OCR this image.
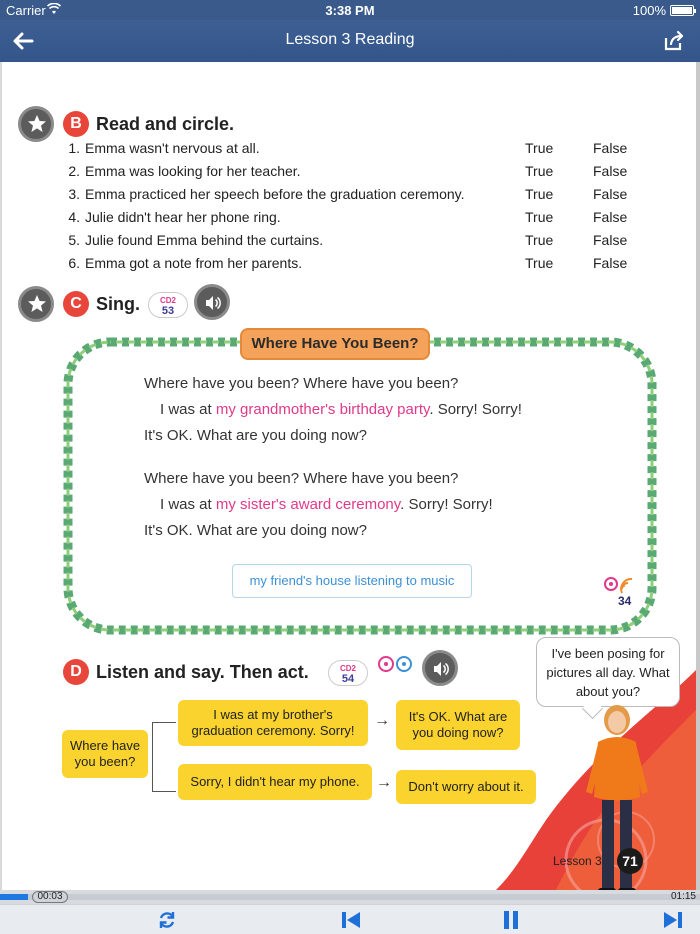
Carrier	3:38 PM	100%
Lesson 3 Reading
B Read and circle.
1. Emma wasn't nervous at all.	True	False
2. Emma was looking for her teacher.	True	False
3. Emma practiced her speech before the graduation ceremony.	True	False
4. Julie didn't hear her phone ring.	True	False
5. Julie found Emma behind the curtains.	True	False
6. Emma got a note from her parents.	True	False
C Sing.	CD2
53
Where Have You Been?
Where have you been? Where have you been?
I was at my grandmother's birthday party. Sorry! Sorry!
It's OK. What are you doing now?
Where have you been? Where have you been?
I was at my sister's award ceremony. Sorry! Sorry!
It's OK. What are you doing now?
my friend's house listening to music
34
D Listen and say. Then act.	CD2
54
Where have you been?
I was at my brother's graduation ceremony. Sorry!
→	It's OK. What are you doing now?
Sorry, I didn't hear my phone.	→	Don't worry about it.
I've been posing for pictures all day. What about you?
Lesson 3	71
00:03	01:15
